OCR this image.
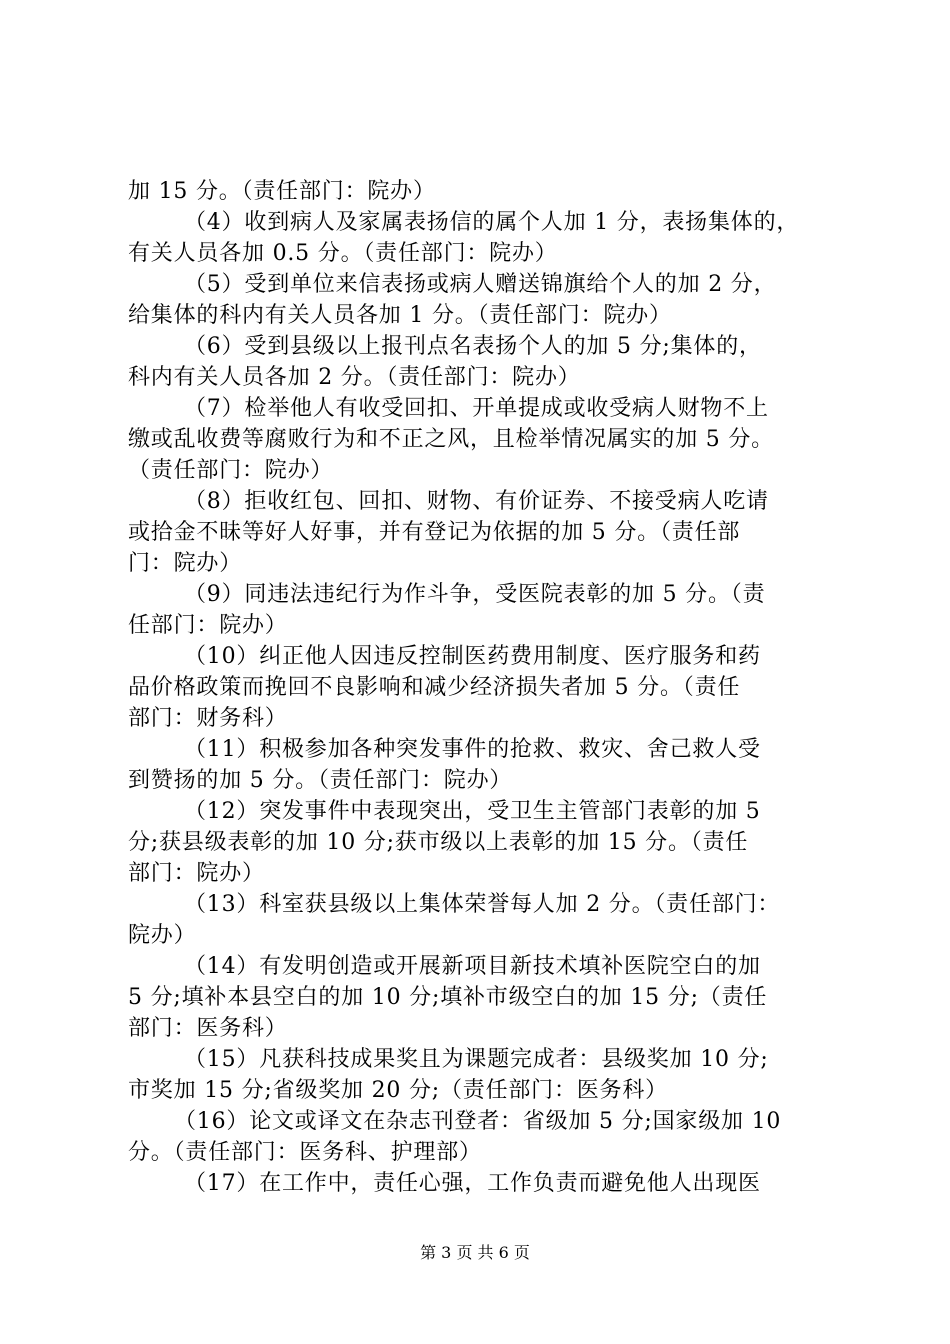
加 15 分。（责任部门：院办）
（4）收到病人及家属表扬信的属个人加 1 分，表扬集体的，
有关人员各加 0.5 分。（责任部门：院办）
（5）受到单位来信表扬或病人赠送锦旗给个人的加 2 分，
给集体的科内有关人员各加 1 分。（责任部门：院办）
（6）受到县级以上报刊点名表扬个人的加 5 分;集体的，
科内有关人员各加 2 分。（责任部门：院办）
（7）检举他人有收受回扣、开单提成或收受病人财物不上
缴或乱收费等腐败行为和不正之风，且检举情况属实的加 5 分。
（责任部门：院办）
（8）拒收红包、回扣、财物、有价证券、不接受病人吃请
或拾金不昧等好人好事，并有登记为依据的加 5 分。（责任部
门：院办）
（9）同违法违纪行为作斗争，受医院表彰的加 5 分。（责
任部门：院办）
（10）纠正他人因违反控制医药费用制度、医疗服务和药
品价格政策而挽回不良影响和减少经济损失者加 5 分。（责任
部门：财务科）
（11）积极参加各种突发事件的抢救、救灾、舍己救人受
到赞扬的加 5 分。（责任部门：院办）
（12）突发事件中表现突出，受卫生主管部门表彰的加 5
分;获县级表彰的加 10 分;获市级以上表彰的加 15 分。（责任
部门：院办）
（13）科室获县级以上集体荣誉每人加 2 分。（责任部门：
院办）
（14）有发明创造或开展新项目新技术填补医院空白的加
5 分;填补本县空白的加 10 分;填补市级空白的加 15 分;（责任
部门：医务科）
（15）凡获科技成果奖且为课题完成者：县级奖加 10 分;
市奖加 15 分;省级奖加 20 分;（责任部门：医务科）
（16）论文或译文在杂志刊登者：省级加 5 分;国家级加 10
分。（责任部门：医务科、护理部）
（17）在工作中，责任心强，工作负责而避免他人出现医
第 3 页 共 6 页
